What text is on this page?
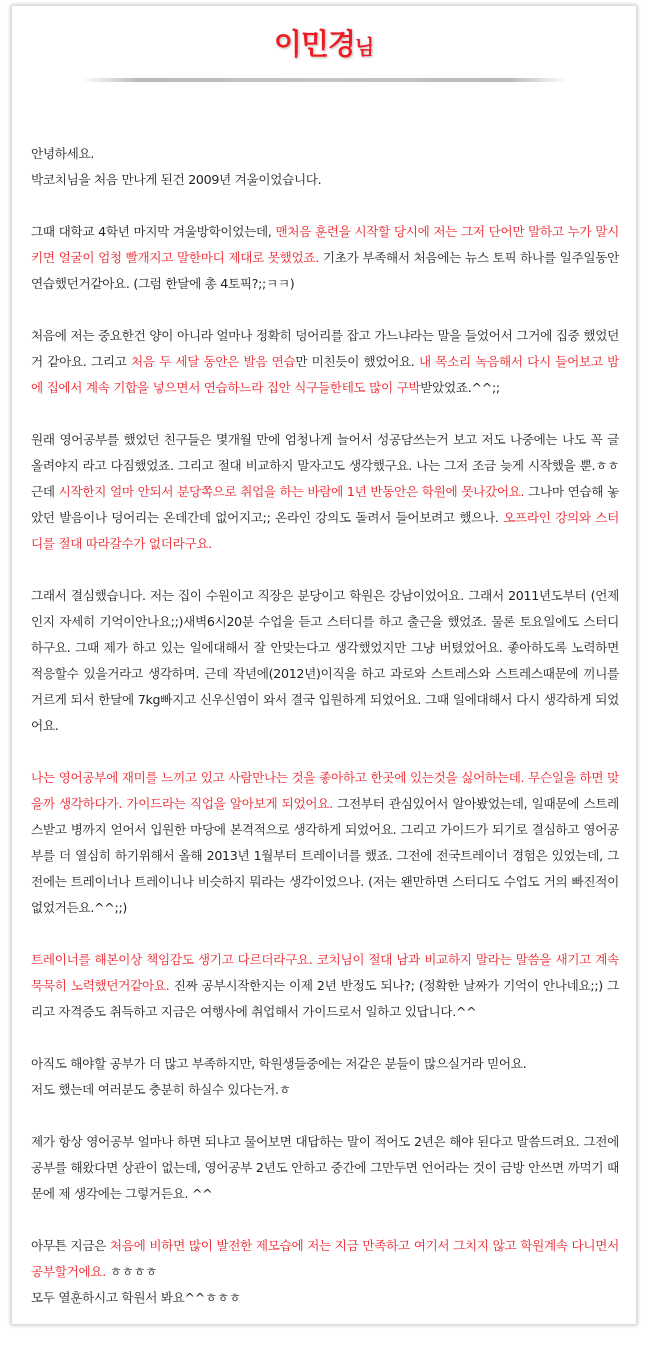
이민경님

안녕하세요.
박코치님을 처음 만나게 된건 2009년 겨울이었습니다.

그때 대학교 4학년 마지막 겨울방학이었는데, 맨처음 훈련을 시작할 당시에 저는 그저 단어만 말하고 누가 말시키면 얼굴이 엄청 빨개지고 말한마디 제대로 못했었죠. 기초가 부족해서 처음에는 뉴스 토픽 하나를 일주일동안 연습했던거같아요. (그럼 한달에 총 4토픽?;;ㅋㅋ)

처음에 저는 중요한건 양이 아니라 얼마나 정확히 덩어리를 잡고 가느냐라는 말을 들었어서 그거에 집중 했었던거 같아요. 그리고 처음 두 세달 동안은 발음 연습만 미친듯이 했었어요. 내 목소리 녹음해서 다시 들어보고 밤에 집에서 계속 기합을 넣으면서 연습하느라 집안 식구들한테도 많이 구박받았었죠.^^;;

원래 영어공부를 했었던 친구들은 몇개월 만에 엄청나게 늘어서 성공담쓰는거 보고 저도 나중에는 나도 꼭 글 올려야지 라고 다짐했었죠. 그리고 절대 비교하지 말자고도 생각했구요. 나는 그저 조금 늦게 시작했을 뿐.ㅎㅎ 근데 시작한지 얼마 안되서 분당쪽으로 취업을 하는 바람에 1년 반동안은 학원에 못나갔어요. 그나마 연습해 놓았던 발음이나 덩어리는 온데간데 없어지고;; 온라인 강의도 돌려서 들어보려고 했으나. 오프라인 강의와 스터디를 절대 따라갈수가 없더라구요.

그래서 결심했습니다. 저는 집이 수원이고 직장은 분당이고 학원은 강남이었어요. 그래서 2011년도부터 (언제인지 자세히 기억이안나요;;)새벽6시20분 수업을 듣고 스터디를 하고 출근을 했었죠. 물론 토요일에도 스터디 하구요. 그때 제가 하고 있는 일에대해서 잘 안맞는다고 생각했었지만 그냥 버텼었어요. 좋아하도록 노력하면 적응할수 있을거라고 생각하며. 근데 작년에(2012년)이직을 하고 과로와 스트레스와 스트레스때문에 끼니를 거르게 되서 한달에 7kg빠지고 신우신염이 와서 결국 입원하게 되었어요. 그때 일에대해서 다시 생각하게 되었어요.

나는 영어공부에 재미를 느끼고 있고 사람만나는 것을 좋아하고 한곳에 있는것을 싫어하는데. 무슨일을 하면 맞을까 생각하다가. 가이드라는 직업을 알아보게 되었어요. 그전부터 관심있어서 알아봤었는데, 일때문에 스트레스받고 병까지 얻어서 입원한 마당에 본격적으로 생각하게 되었어요. 그리고 가이드가 되기로 결심하고 영어공부를 더 열심히 하기위해서 올해 2013년 1월부터 트레이너를 했죠. 그전에 전국트레이너 경험은 있었는데, 그전에는 트레이너나 트레이니나 비슷하지 뭐라는 생각이었으나. (저는 왠만하면 스터디도 수업도 거의 빠진적이 없었거든요.^^;;)

트레이너를 해본이상 책임감도 생기고 다르더라구요. 코치님이 절대 남과 비교하지 말라는 말씀을 새기고 계속 묵묵히 노력했던거같아요. 진짜 공부시작한지는 이제 2년 반정도 되나?; (정확한 날짜가 기억이 안나네요;;) 그리고 자격증도 취득하고 지금은 여행사에 취업해서 가이드로서 일하고 있답니다.^^

아직도 해야할 공부가 더 많고 부족하지만, 학원생들중에는 저같은 분들이 많으실거라 믿어요.
저도 했는데 여러분도 충분히 하실수 있다는거.ㅎ

제가 항상 영어공부 얼마나 하면 되냐고 물어보면 대답하는 말이 적어도 2년은 해야 된다고 말씀드려요. 그전에 공부를 해왔다면 상관이 없는데, 영어공부 2년도 안하고 중간에 그만두면 언어라는 것이 금방 안쓰면 까먹기 때문에 제 생각에는 그렇거든요. ^^

아무튼 지금은 처음에 비하면 많이 발전한 제모습에 저는 지금 만족하고 여기서 그치지 않고 학원계속 다니면서 공부할거에요. ㅎㅎㅎㅎ
모두 열훈하시고 학원서 봐요^^ㅎㅎㅎ
